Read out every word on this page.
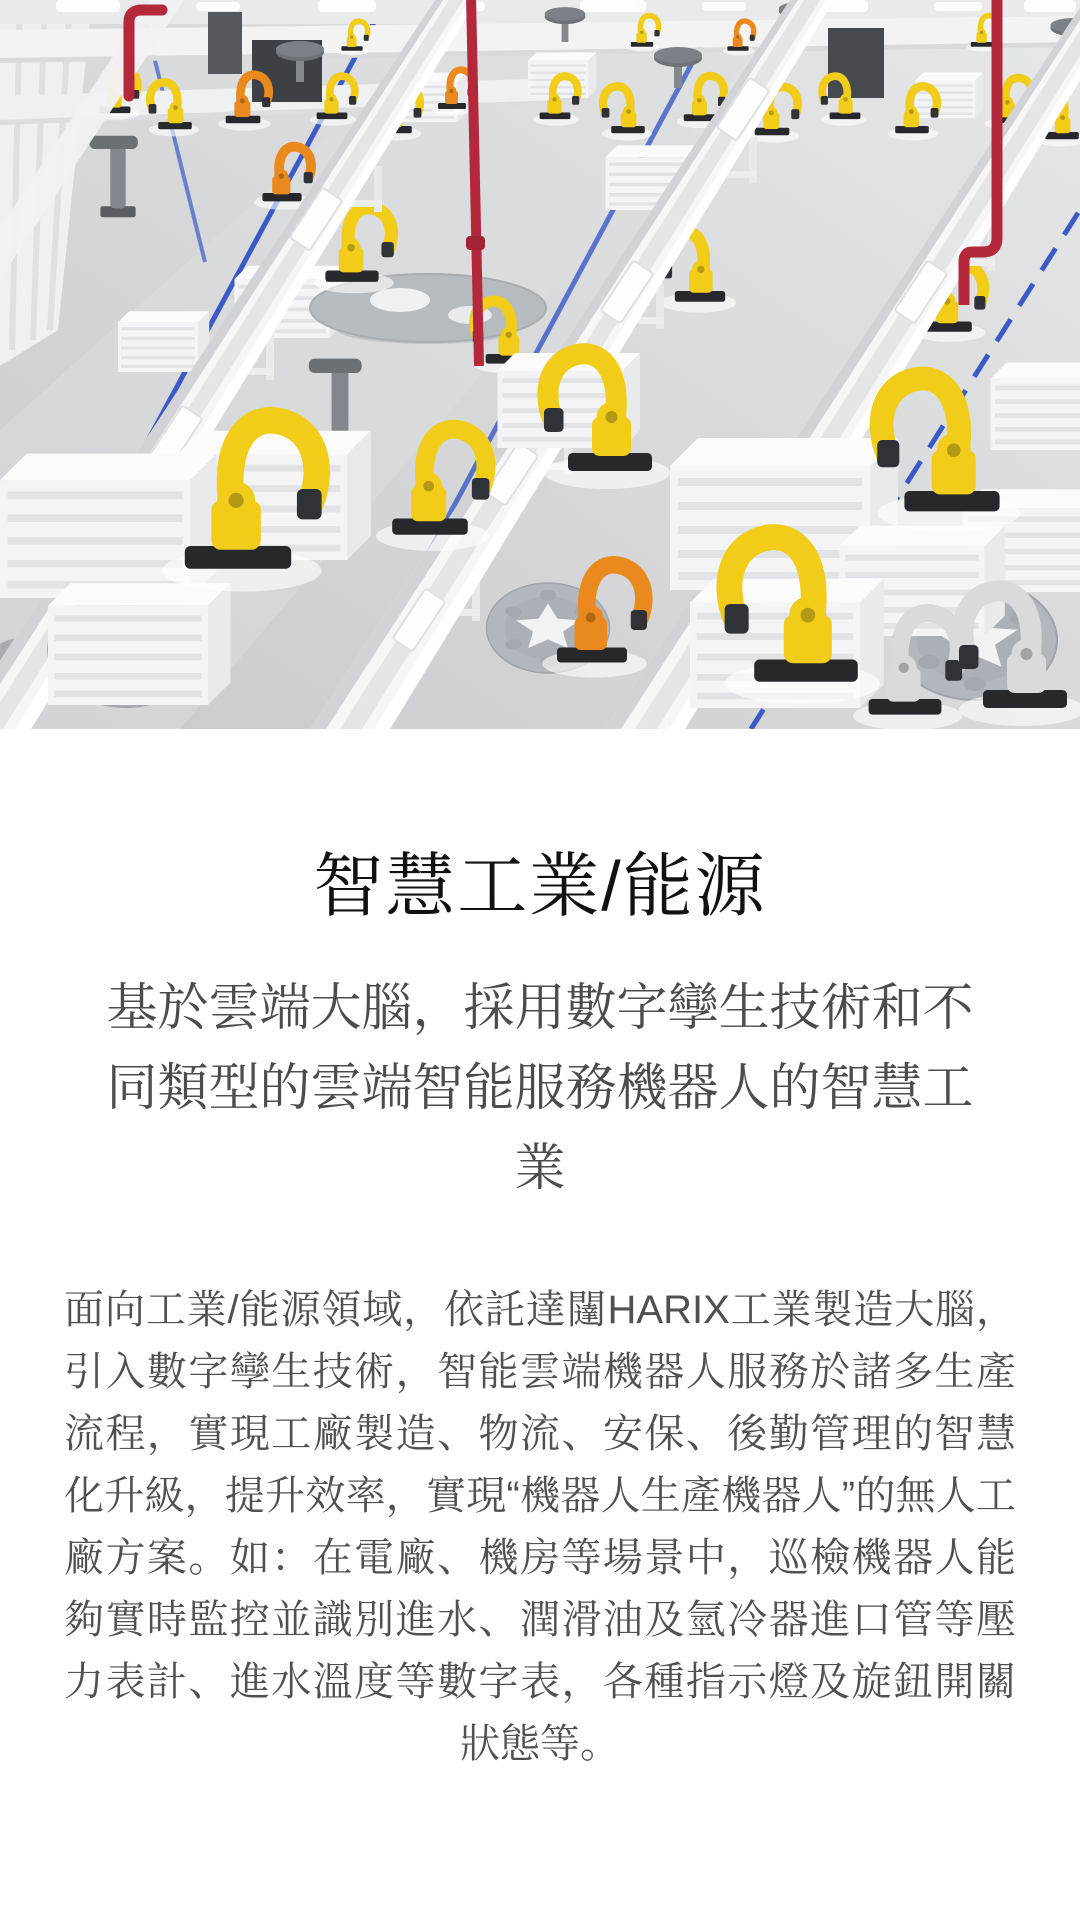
智慧工業/能源

基於雲端大腦，採用數字孿生技術和不同類型的雲端智能服務機器人的智慧工業

面向工業/能源領域，依託達闥HARIX工業製造大腦，引入數字孿生技術，智能雲端機器人服務於諸多生產流程，實現工廠製造、物流、安保、後勤管理的智慧化升級，提升效率，實現“機器人生產機器人”的無人工廠方案。如：在電廠、機房等場景中，巡檢機器人能夠實時監控並識別進水、潤滑油及氫冷器進口管等壓力表計、進水溫度等數字表，各種指示燈及旋鈕開關狀態等。
